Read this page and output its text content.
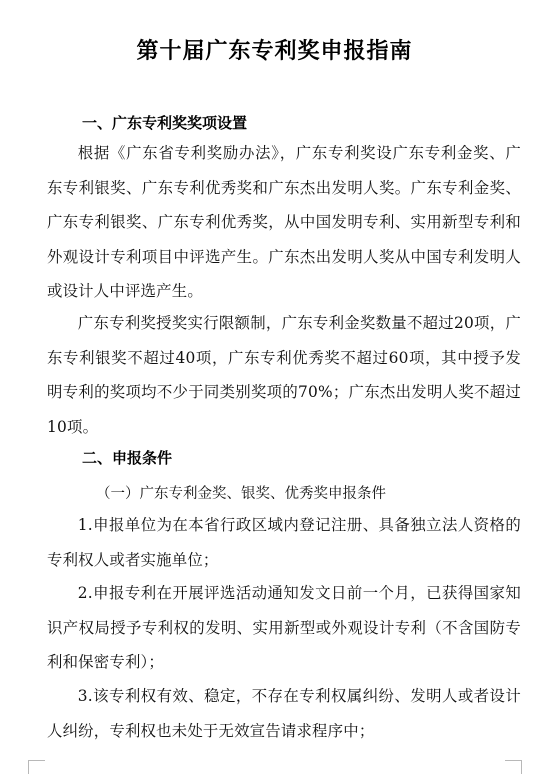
第十届广东专利奖申报指南
一、广东专利奖奖项设置

根据《广东省专利奖励办法》，广东专利奖设广东专利金奖、广东专利银奖、广东专利优秀奖和广东杰出发明人奖。广东专利金奖、广东专利银奖、广东专利优秀奖，从中国发明专利、实用新型专利和外观设计专利项目中评选产生。广东杰出发明人奖从中国专利发明人或设计人中评选产生。

广东专利奖授奖实行限额制，广东专利金奖数量不超过20项，广东专利银奖不超过40项，广东专利优秀奖不超过60项，其中授予发明专利的奖项均不少于同类别奖项的70%；广东杰出发明人奖不超过10项。

二、申报条件
（一）广东专利金奖、银奖、优秀奖申报条件

1.申报单位为在本省行政区域内登记注册、具备独立法人资格的专利权人或者实施单位；

2.申报专利在开展评选活动通知发文日前一个月，已获得国家知识产权局授予专利权的发明、实用新型或外观设计专利（不含国防专利和保密专利）；

3.该专利权有效、稳定，不存在专利权属纠纷、发明人或者设计人纠纷，专利权也未处于无效宣告请求程序中；
